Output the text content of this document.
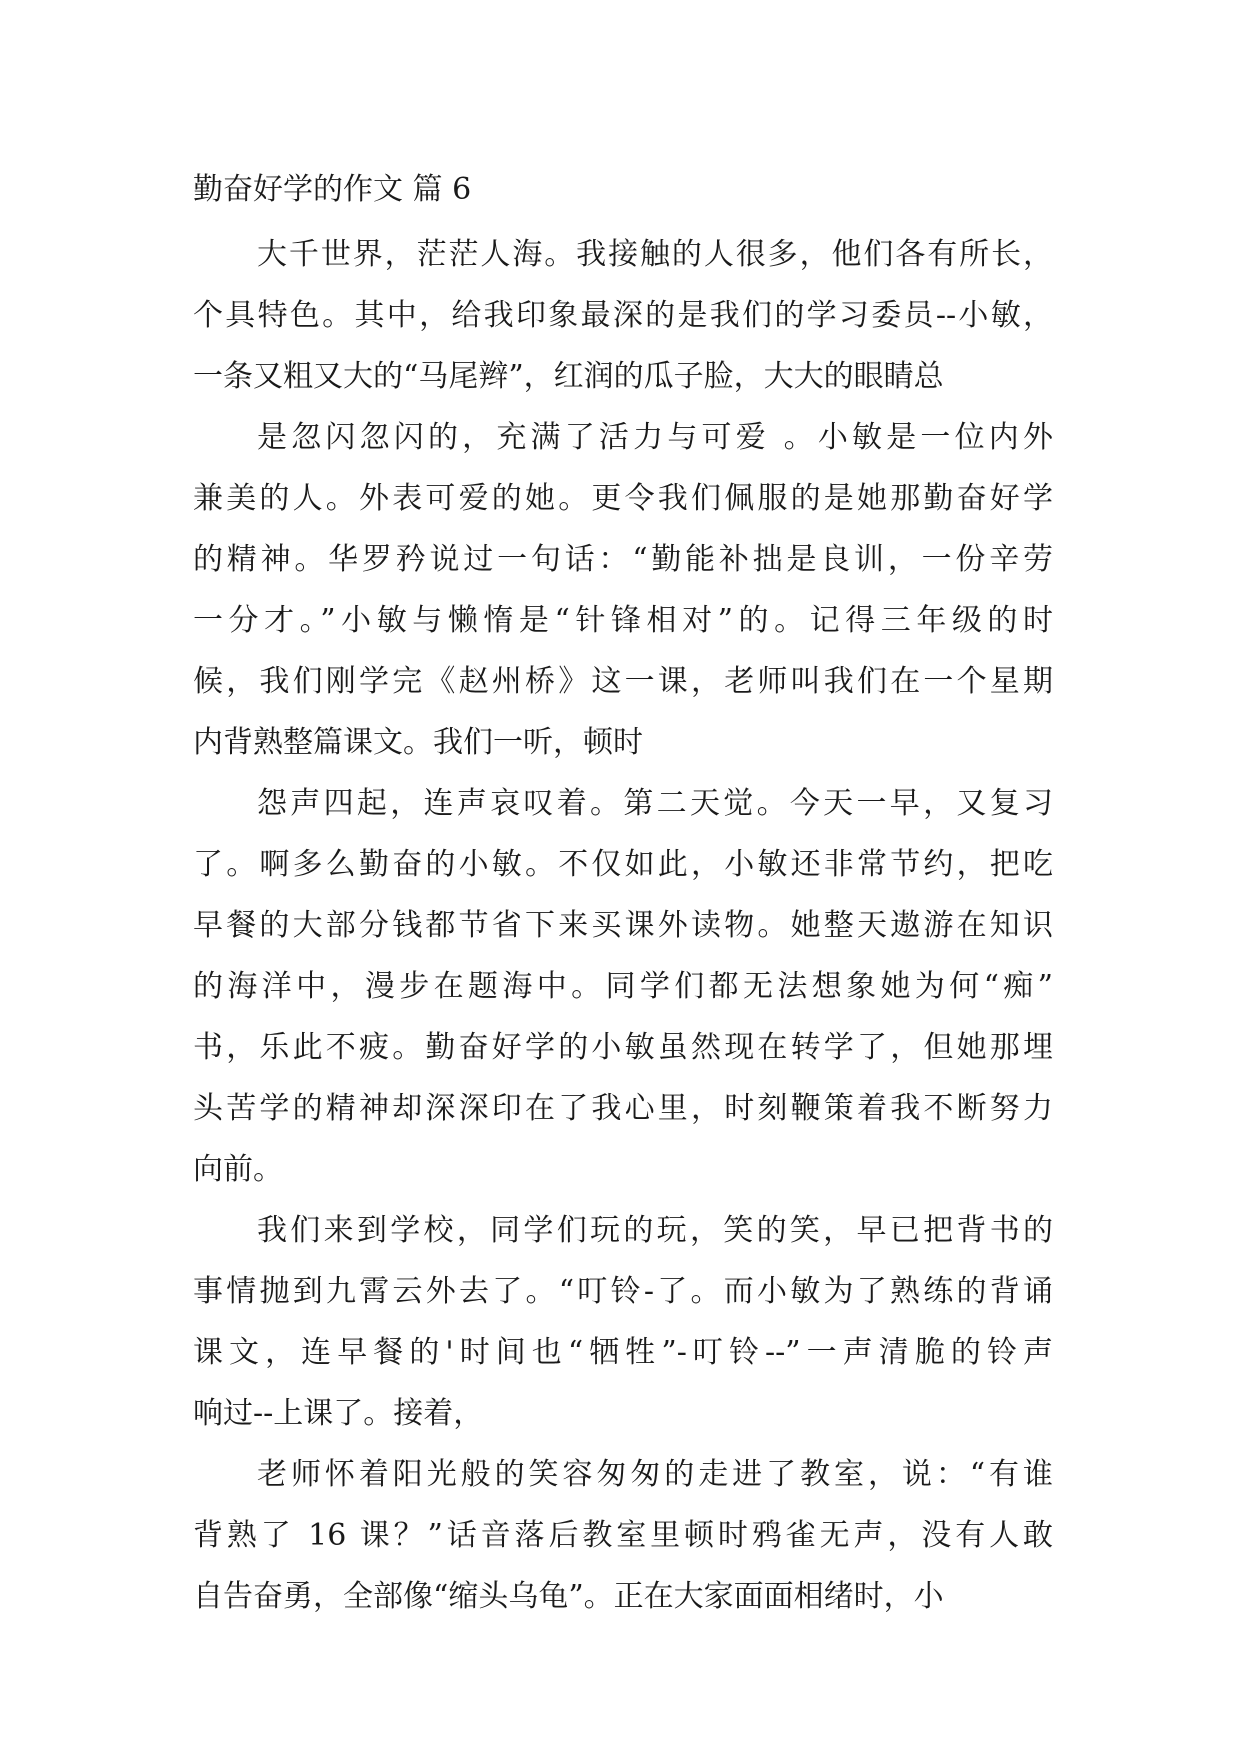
勤奋好学的作文 篇 6
大千世界，茫茫人海。我接触的人很多，他们各有所长，
个具特色。其中，给我印象最深的是我们的学习委员--小敏，
一条又粗又大的“马尾辫”，红润的瓜子脸，大大的眼睛总
是忽闪忽闪的，充满了活力与可爱 。小敏是一位内外
兼美的人。外表可爱的她。更令我们佩服的是她那勤奋好学
的精神。华罗矜说过一句话：“勤能补拙是良训，一份辛劳
一分才。”小敏与懒惰是“针锋相对”的。记得三年级的时
候，我们刚学完《赵州桥》这一课，老师叫我们在一个星期
内背熟整篇课文。我们一听，顿时
怨声四起，连声哀叹着。第二天觉。今天一早，又复习
了。啊多么勤奋的小敏。不仅如此，小敏还非常节约，把吃
早餐的大部分钱都节省下来买课外读物。她整天遨游在知识
的海洋中，漫步在题海中。同学们都无法想象她为何“痴”
书，乐此不疲。勤奋好学的小敏虽然现在转学了，但她那埋
头苦学的精神却深深印在了我心里，时刻鞭策着我不断努力
向前。
我们来到学校，同学们玩的玩，笑的笑，早已把背书的
事情抛到九霄云外去了。“叮铃-了。而小敏为了熟练的背诵
课文，连早餐的'时间也“牺牲”-叮铃--”一声清脆的铃声
响过--上课了。接着，
老师怀着阳光般的笑容匆匆的走进了教室，说：“有谁
背熟了 16 课？”话音落后教室里顿时鸦雀无声，没有人敢
自告奋勇，全部像“缩头乌龟”。正在大家面面相绪时，小
